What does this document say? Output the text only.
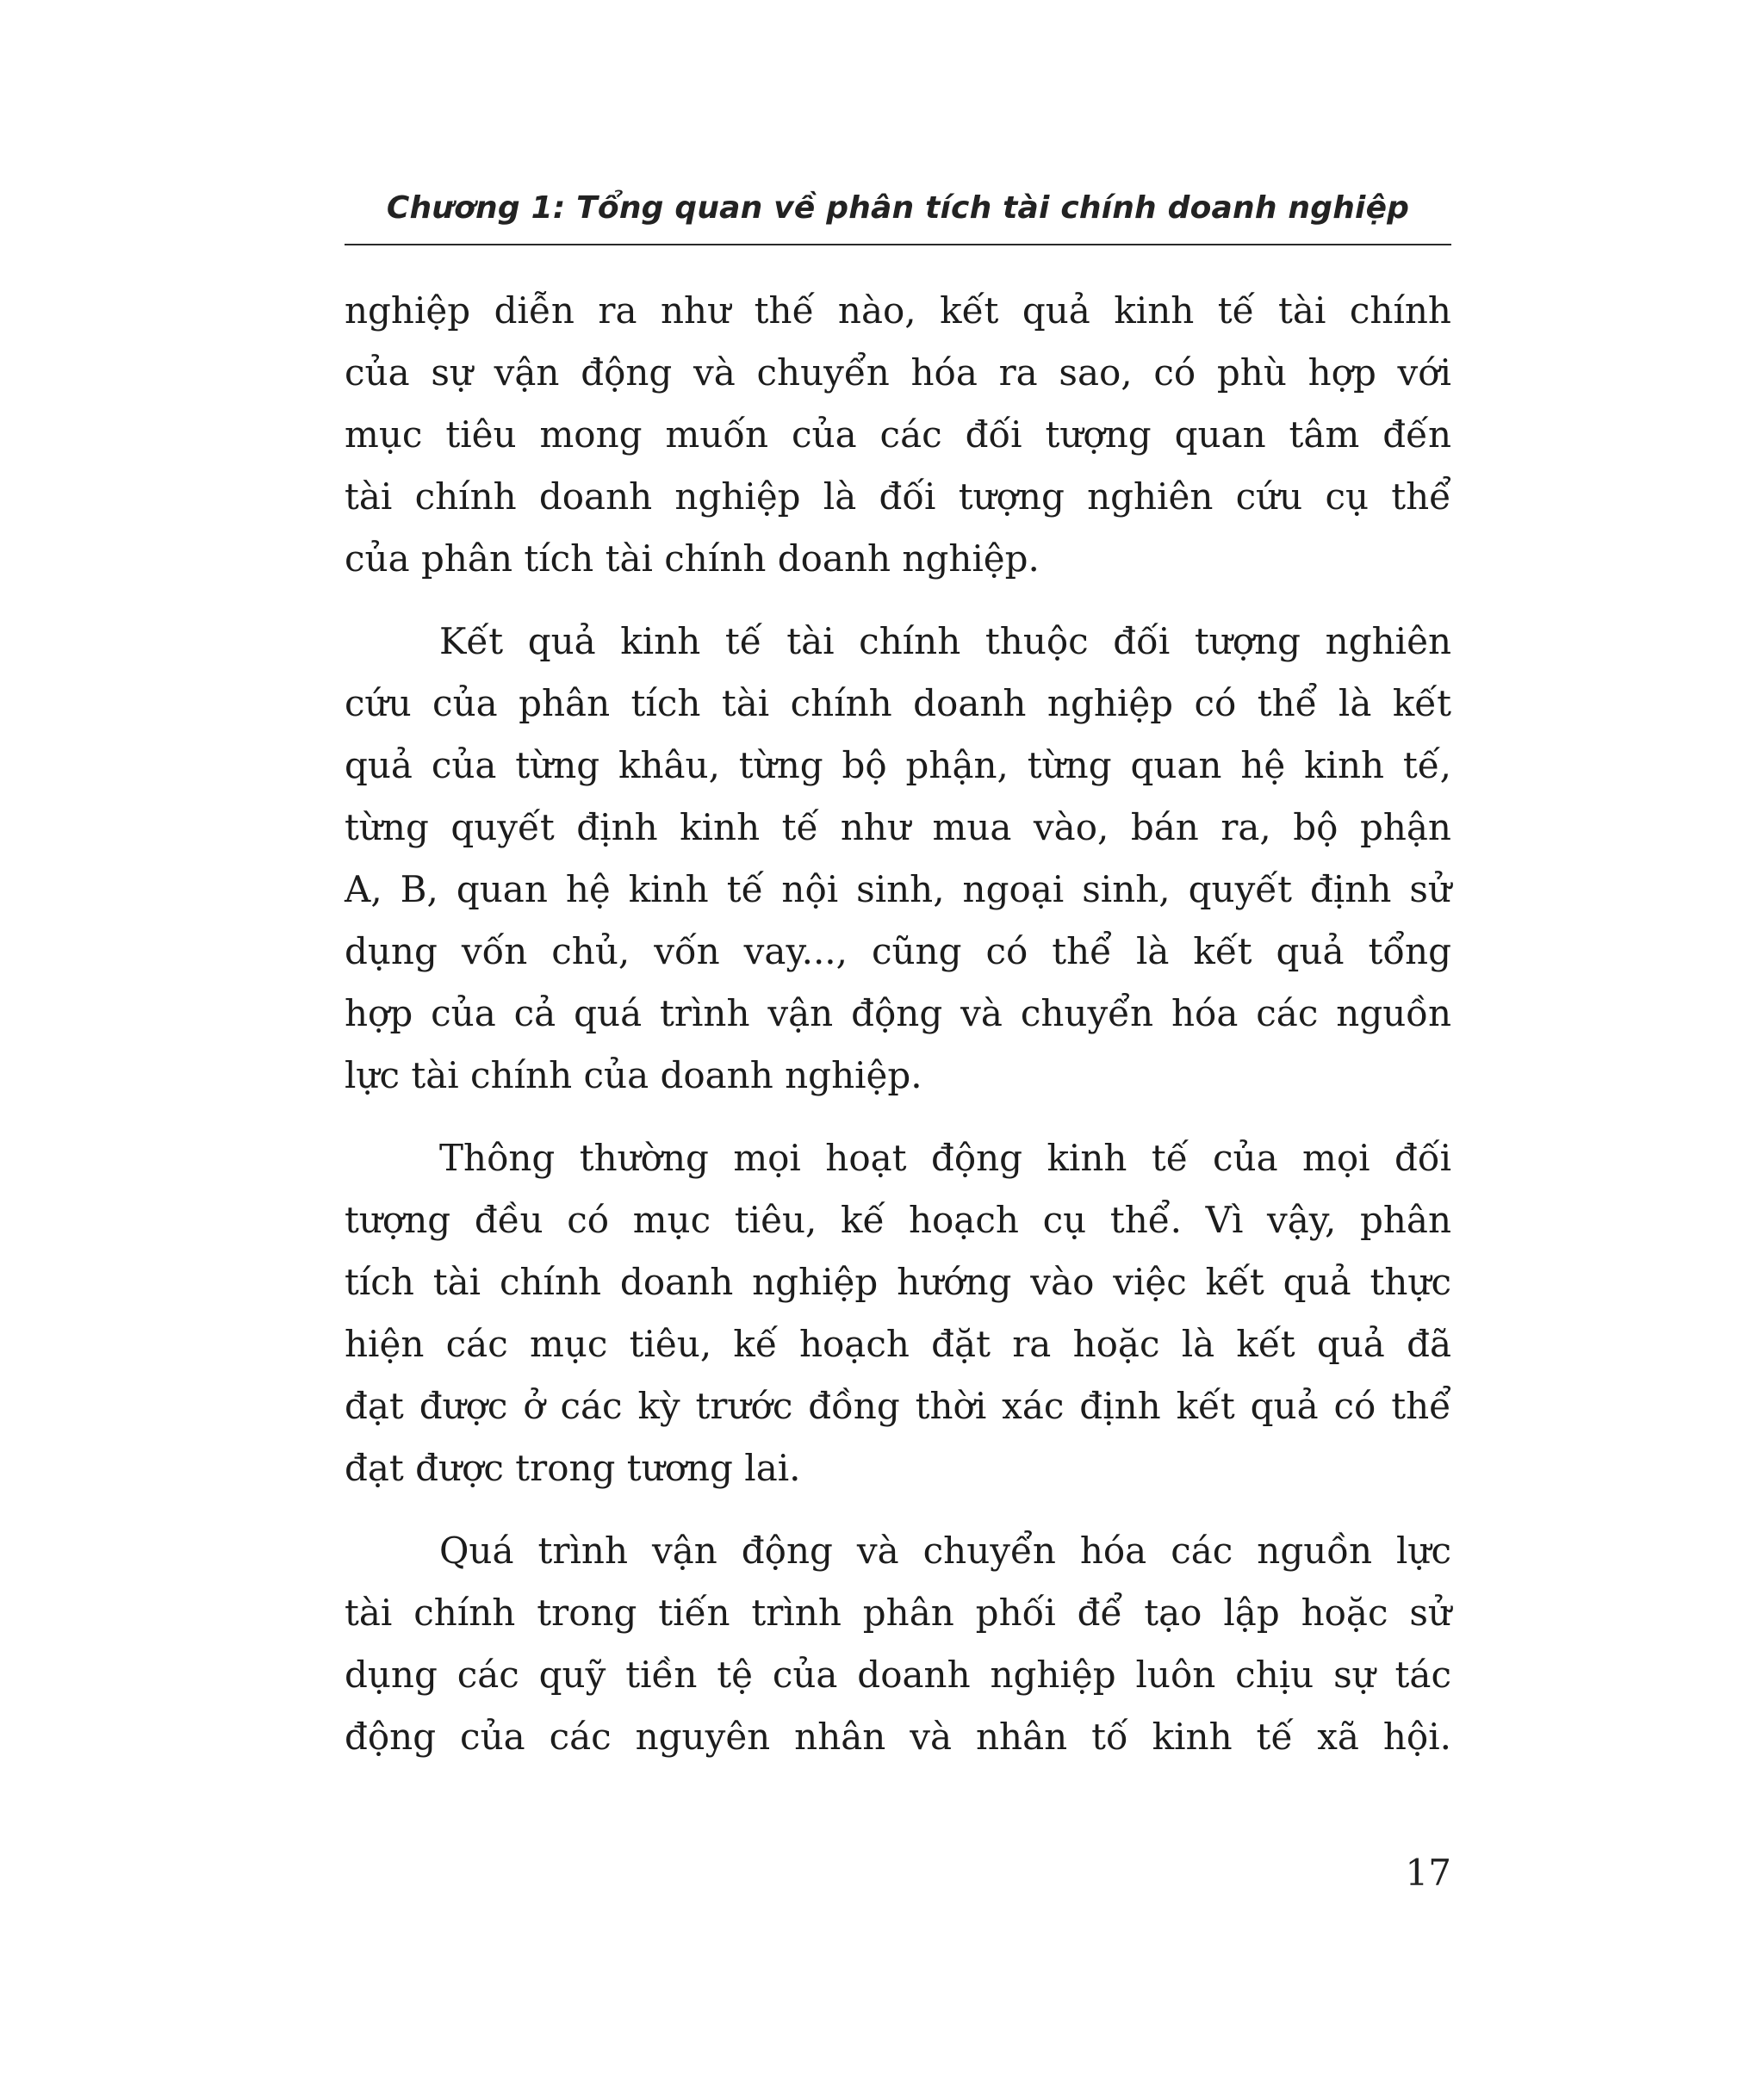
Chương 1: Tổng quan về phân tích tài chính doanh nghiệp

nghiệp diễn ra như thế nào, kết quả kinh tế tài chính
của sự vận động và chuyển hóa ra sao, có phù hợp với
mục tiêu mong muốn của các đối tượng quan tâm đến
tài chính doanh nghiệp là đối tượng nghiên cứu cụ thể
của phân tích tài chính doanh nghiệp.

Kết quả kinh tế tài chính thuộc đối tượng nghiên
cứu của phân tích tài chính doanh nghiệp có thể là kết
quả của từng khâu, từng bộ phận, từng quan hệ kinh tế,
từng quyết định kinh tế như mua vào, bán ra, bộ phận
A, B, quan hệ kinh tế nội sinh, ngoại sinh, quyết định sử
dụng vốn chủ, vốn vay..., cũng có thể là kết quả tổng
hợp của cả quá trình vận động và chuyển hóa các nguồn
lực tài chính của doanh nghiệp.

Thông thường mọi hoạt động kinh tế của mọi đối
tượng đều có mục tiêu, kế hoạch cụ thể. Vì vậy, phân
tích tài chính doanh nghiệp hướng vào việc kết quả thực
hiện các mục tiêu, kế hoạch đặt ra hoặc là kết quả đã
đạt được ở các kỳ trước đồng thời xác định kết quả có thể
đạt được trong tương lai.

Quá trình vận động và chuyển hóa các nguồn lực
tài chính trong tiến trình phân phối để tạo lập hoặc sử
dụng các quỹ tiền tệ của doanh nghiệp luôn chịu sự tác
động của các nguyên nhân và nhân tố kinh tế xã hội.

17
